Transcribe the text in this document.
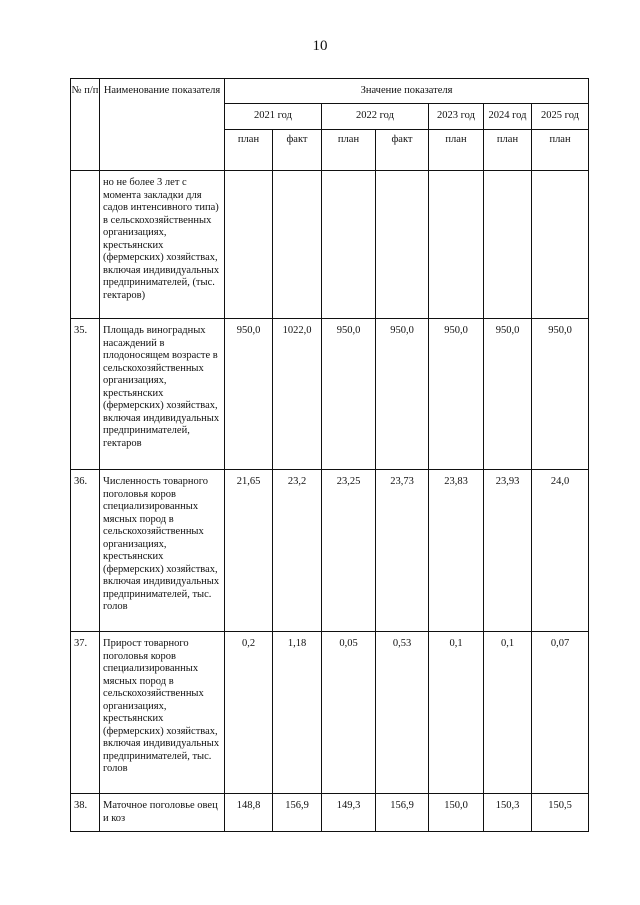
10
№ п/п	Наименование показателя	Значение показателя						
		2021 год		2022 год		2023 год	2024 год	2025 год
		план	факт	план	факт	план	план	план
	но не более 3 лет с момента закладки для садов интенсивного типа) в сельскохозяйственных организациях, крестьянских (фермерских) хозяйствах, включая индивидуальных предпринимателей, (тыс. гектаров)							
35.	Площадь виноградных насаждений в плодоносящем возрасте в сельскохозяйственных организациях, крестьянских (фермерских) хозяйствах, включая индивидуальных предпринимателей, гектаров	950,0	1022,0	950,0	950,0	950,0	950,0	950,0
36.	Численность товарного поголовья коров специализированных мясных пород в сельскохозяйственных организациях, крестьянских (фермерских) хозяйствах, включая индивидуальных предпринимателей, тыс. голов	21,65	23,2	23,25	23,73	23,83	23,93	24,0
37.	Прирост товарного поголовья коров специализированных мясных пород в сельскохозяйственных организациях, крестьянских (фермерских) хозяйствах, включая индивидуальных предпринимателей, тыс. голов	0,2	1,18	0,05	0,53	0,1	0,1	0,07
38.	Маточное поголовье овец и коз	148,8	156,9	149,3	156,9	150,0	150,3	150,5
